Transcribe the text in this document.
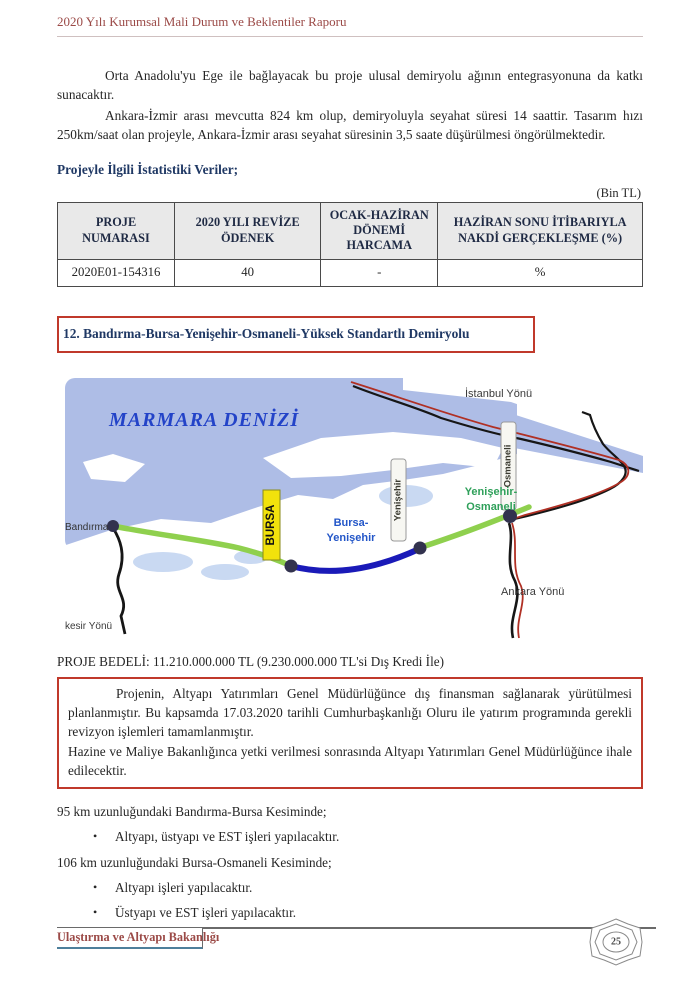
2020 Yılı Kurumsal Mali Durum ve Beklentiler Raporu

Orta Anadolu'yu Ege ile bağlayacak bu proje ulusal demiryolu ağının entegrasyonuna da katkı sunacaktır.

Ankara-İzmir arası mevcutta 824 km olup, demiryoluyla seyahat süresi 14 saattir. Tasarım hızı 250km/saat olan projeyle, Ankara-İzmir arası seyahat süresinin 3,5 saate düşürülmesi öngörülmektedir.

Projeyle İlgili İstatistiki Veriler;
(Bin TL)
PROJE NUMARASI	2020 YILI REVİZE ÖDENEK	OCAK-HAZİRAN DÖNEMİ HARCAMA	HAZİRAN SONU İTİBARIYLA NAKDİ GERÇEKLEŞME (%)
2020E01-154316	40	-	%
12. Bandırma-Bursa-Yenişehir-Osmaneli-Yüksek Standartlı Demiryolu
BURSA
Yenişehir
Osmaneli
MARMARA DENİZİ
İstanbul Yönü
Bandırma	Bursa-
Yenişehir
Yenişehir-
Osmaneli
Ankara Yönü
kesir Yönü
PROJE BEDELİ: 11.210.000.000 TL (9.230.000.000 TL'si Dış Kredi İle)

Projenin, Altyapı Yatırımları Genel Müdürlüğünce dış finansman sağlanarak yürütülmesi planlanmıştır. Bu kapsamda 17.03.2020 tarihli Cumhurbaşkanlığı Oluru ile yatırım programında gerekli revizyon işlemleri tamamlanmıştır.

Hazine ve Maliye Bakanlığınca yetki verilmesi sonrasında Altyapı Yatırımları Genel Müdürlüğünce ihale edilecektir.

95 km uzunluğundaki Bandırma-Bursa Kesiminde;
•	Altyapı, üstyapı ve EST işleri yapılacaktır.
106 km uzunluğundaki Bursa-Osmaneli Kesiminde;
•	Altyapı işleri yapılacaktır.
•	Üstyapı ve EST işleri yapılacaktır.
Ulaştırma ve Altyapı Bakanlığı	25
